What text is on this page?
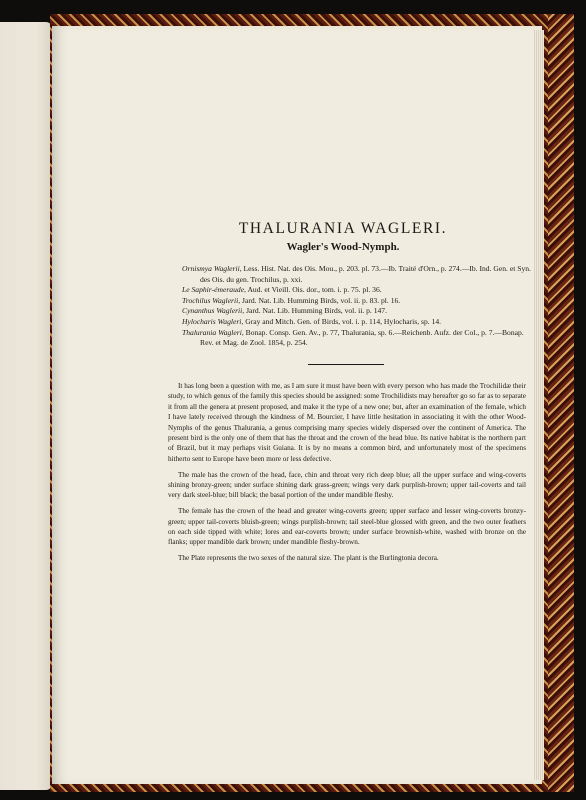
THALURANIA WAGLERI.
Wagler's Wood-Nymph.
Ornismya Waglerii, Less. Hist. Nat. des Ois. Mou., p. 203. pl. 73.—Ib. Traité d'Orn., p. 274.—Ib. Ind. Gen. et Syn. des Ois. du gen. Trochilus, p. xxi.
Le Saphir-émeraude, Aud. et Vieill. Ois. dor., tom. i. p. 75. pl. 36.
Trochilus Waglerii, Jard. Nat. Lib. Humming Birds, vol. ii. p. 83. pl. 16.
Cynanthus Waglerii, Jard. Nat. Lib. Humming Birds, vol. ii. p. 147.
Hylocharis Wagleri, Gray and Mitch. Gen. of Birds, vol. i. p. 114, Hylocharis, sp. 14.
Thalurania Wagleri, Bonap. Consp. Gen. Av., p. 77, Thalurania, sp. 6.—Reichenb. Aufz. der Col., p. 7.—Bonap. Rev. et Mag. de Zool. 1854, p. 254.

It has long been a question with me, as I am sure it must have been with every person who has made the Trochilidæ their study, to which genus of the family this species should be assigned: some Trochilidists may hereafter go so far as to separate it from all the genera at present proposed, and make it the type of a new one; but, after an examination of the female, which I have lately received through the kindness of M. Bourcier, I have little hesitation in associating it with the other Wood-Nymphs of the genus Thalurania, a genus comprising many species widely dispersed over the continent of America. The present bird is the only one of them that has the throat and the crown of the head blue. Its native habitat is the northern part of Brazil, but it may perhaps visit Guiana. It is by no means a common bird, and unfortunately most of the specimens hitherto sent to Europe have been more or less defective.

The male has the crown of the head, face, chin and throat very rich deep blue; all the upper surface and wing-coverts shining bronzy-green; under surface shining dark grass-green; wings very dark purplish-brown; upper tail-coverts and tail very dark steel-blue; bill black; the basal portion of the under mandible fleshy.

The female has the crown of the head and greater wing-coverts green; upper surface and lesser wing-coverts bronzy-green; upper tail-coverts bluish-green; wings purplish-brown; tail steel-blue glossed with green, and the two outer feathers on each side tipped with white; lores and ear-coverts brown; under surface brownish-white, washed with bronze on the flanks; upper mandible dark brown; under mandible fleshy-brown.

The Plate represents the two sexes of the natural size. The plant is the Burlingtonia decora.
